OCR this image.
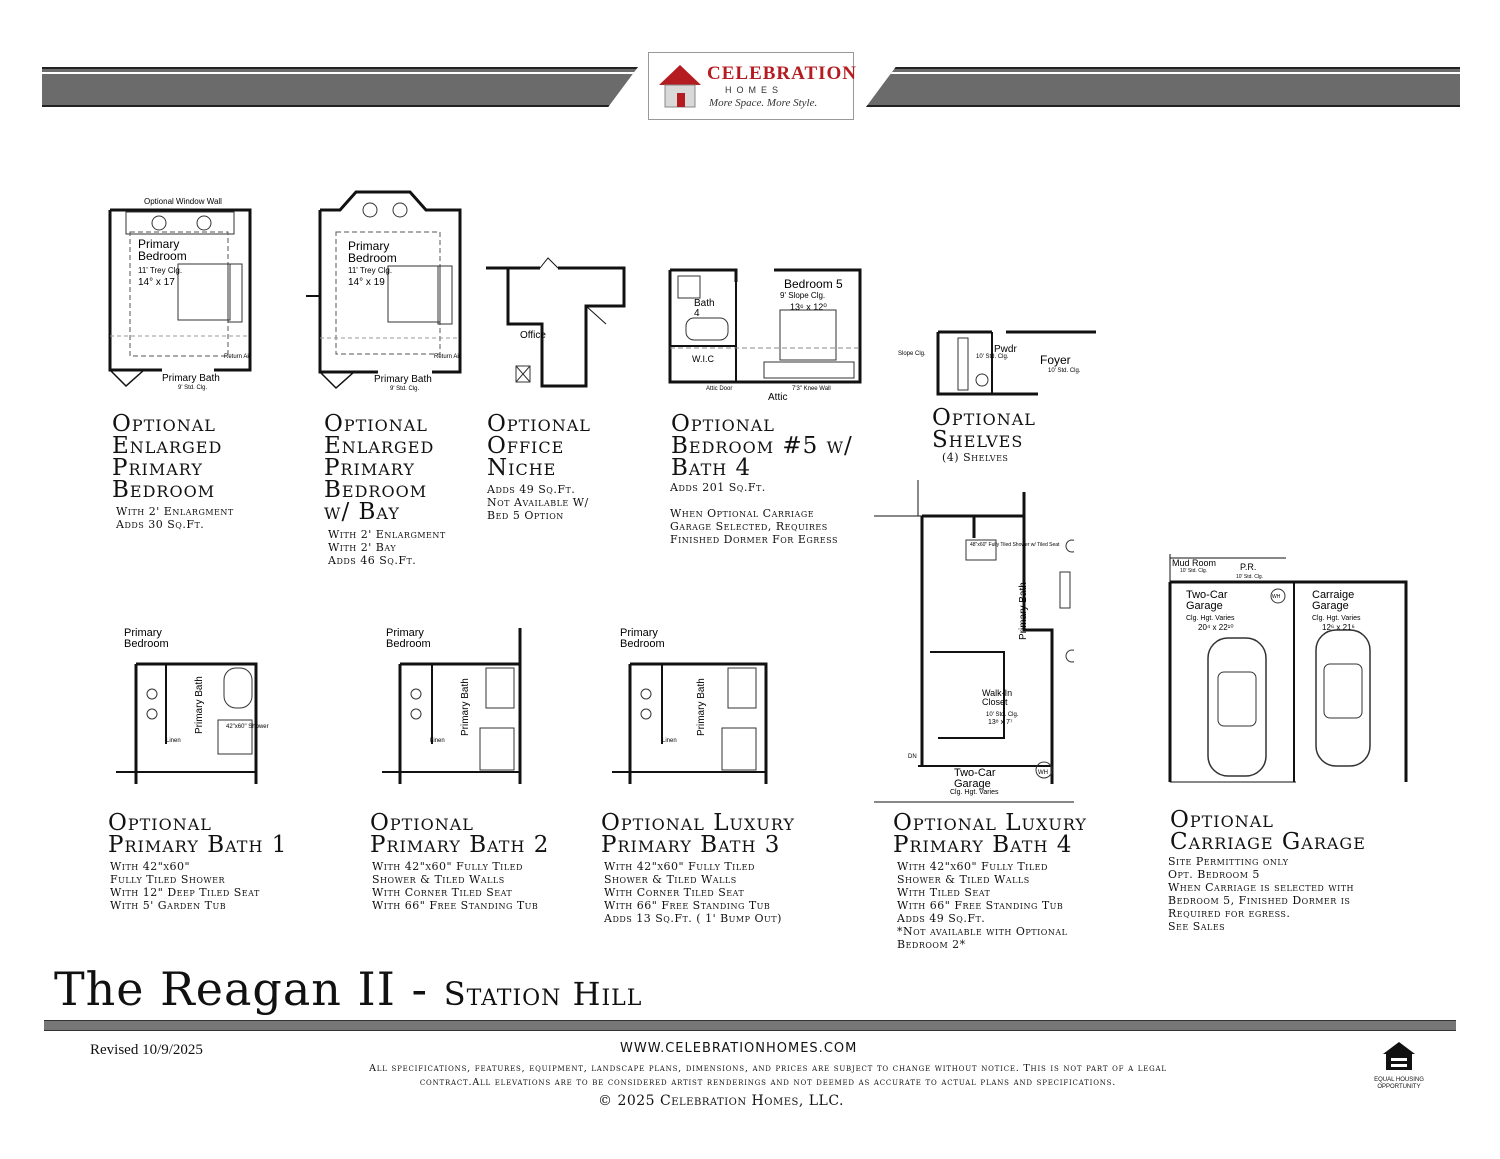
CELEBRATION
HOMES
More Space. More Style.
Optional Window Wall
Primary Bedroom
11' Trey Clg.
14° x 17
Primary Bath
9' Std. Clg.
Return Air
Primary Bedroom
11' Trey Clg.
14° x 19
Primary Bath
9' Std. Clg.
Return Air
Office
Bath 4
W.I.C
Bedroom 5
9' Slope Clg.
13⁶ x 12⁰
Attic Door	7'3" Knee Wall
Attic
Pwdr
10' Std. Clg.	Foyer
10' Std. Clg.
Slope Clg.
Primary Bedroom
Primary Bath	42"x60" Shower
Linen
Primary Bedroom
Primary Bath
Linen
Primary Bedroom
Primary Bath
Linen
48"x60" Fully Tiled Shower w/ Tiled Seat
Primary Bath
Walk-In Closet
10' Std. Clg.
13⁸ x 7⁷
Two-Car Garage
Clg. Hgt. Varies
WH
DN
WH
Mud Room
10' Std. Clg.	P.R.
10' Std. Clg.
Two-Car Garage
Clg. Hgt. Varies
20⁴ x 22¹⁰
Carraige Garage
Clg. Hgt. Varies
12⁶ x 21⁶
Optional
Enlarged
Primary
Bedroom
With 2' Enlargment
Adds 30 Sq.Ft.
Optional
Enlarged
Primary
Bedroom
w/ Bay
With 2' Enlargment
With 2' Bay
Adds 46 Sq.Ft.
Optional
Office
Niche
Adds 49 Sq.Ft.
Not Available W/
Bed 5 Option
Optional
Bedroom #5 w/
Bath 4
Adds 201 Sq.Ft.

When Optional Carriage
Garage Selected, Requires
Finished Dormer For Egress
Optional
Shelves
(4) Shelves
Optional
Primary Bath 1
With 42"x60"
Fully Tiled Shower
With 12" Deep Tiled Seat
With 5' Garden Tub
Optional
Primary Bath 2
With 42"x60" Fully Tiled
Shower & Tiled Walls
With Corner Tiled Seat
With 66" Free Standing Tub
Optional Luxury
Primary Bath 3
With 42"x60" Fully Tiled
Shower & Tiled Walls
With Corner Tiled Seat
With 66" Free Standing Tub
Adds 13 Sq.Ft. ( 1' Bump Out)
Optional Luxury
Primary Bath 4
With 42"x60" Fully Tiled
Shower & Tiled Walls
With Tiled Seat
With 66" Free Standing Tub
Adds 49 Sq.Ft.
*Not available with Optional
Bedroom 2*
Optional
Carriage Garage
Site Permitting only
Opt. Bedroom 5
When Carriage is selected with
Bedroom 5, Finished Dormer is
Required for egress.
See Sales
The Reagan II - Station Hill
Revised 10/9/2025	WWW.CELEBRATIONHOMES.COM
All specifications, features, equipment, landscape plans, dimensions, and prices are subject to change without notice. This is not part of a legal contract.All elevations are to be considered artist renderings and not deemed as accurate to actual plans and specifications.
© 2025 Celebration Homes, LLC.
EQUAL HOUSING
OPPORTUNITY
